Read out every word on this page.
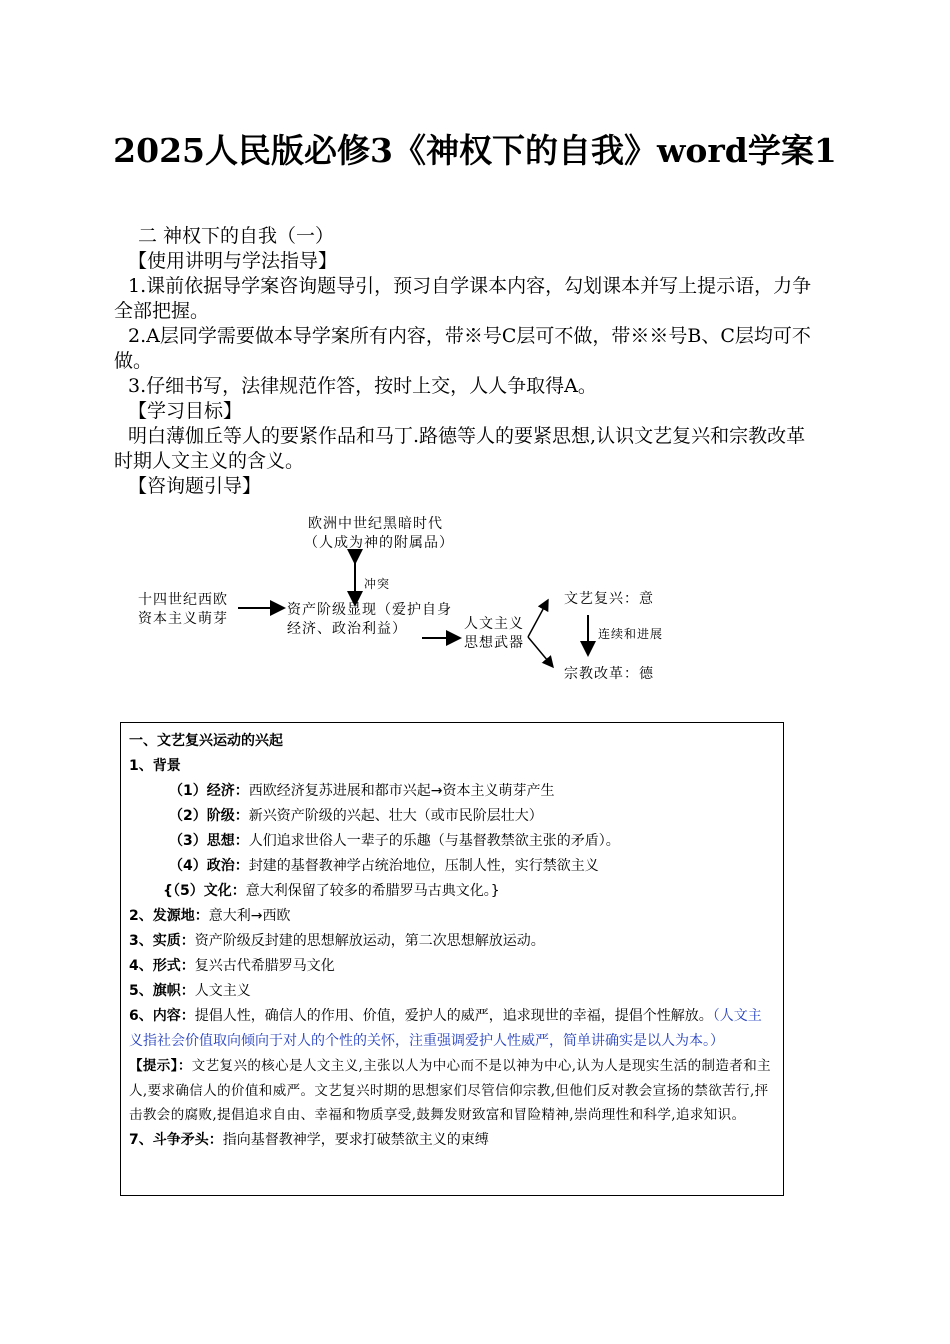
2025人民版必修3《神权下的自我》word学案1

二 神权下的自我（一）

【使用讲明与学法指导】

1.课前依据导学案咨询题导引，预习自学课本内容，勾划课本并写上提示语，力争全部把握。

2.A层同学需要做本导学案所有内容，带※号C层可不做，带※※号B、C层均可不做。

3.仔细书写，法律规范作答，按时上交，人人争取得A。

【学习目标】

明白薄伽丘等人的要紧作品和马丁.路德等人的要紧思想,认识文艺复兴和宗教改革时期人文主义的含义。

【咨询题引导】

欧洲中世纪黑暗时代
（人成为神的附属品）
冲突
十四世纪西欧
资本主义萌芽
资产阶级显现（爱护自身经济、政治利益）	人文主义思想武器
文艺复兴：意
连续和进展
宗教改革：德

一、文艺复兴运动的兴起

1、背景

（1）经济：西欧经济复苏进展和都市兴起→资本主义萌芽产生

（2）阶级：新兴资产阶级的兴起、壮大（或市民阶层壮大）

（3）思想：人们追求世俗人一辈子的乐趣（与基督教禁欲主张的矛盾）。

（4）政治：封建的基督教神学占统治地位，压制人性，实行禁欲主义

{（5）文化：意大利保留了较多的希腊罗马古典文化。}

2、发源地：意大利→西欧

3、实质：资产阶级反封建的思想解放运动，第二次思想解放运动。

4、形式：复兴古代希腊罗马文化

5、旗帜：人文主义

6、内容：提倡人性，确信人的作用、价值，爱护人的威严，追求现世的幸福，提倡个性解放。（人文主义指社会价值取向倾向于对人的个性的关怀，注重强调爱护人性威严，简单讲确实是以人为本。）

【提示】：文艺复兴的核心是人文主义,主张以人为中心而不是以神为中心,认为人是现实生活的制造者和主人,要求确信人的价值和威严。文艺复兴时期的思想家们尽管信仰宗教,但他们反对教会宣扬的禁欲苦行,抨击教会的腐败,提倡追求自由、幸福和物质享受,鼓舞发财致富和冒险精神,崇尚理性和科学,追求知识。

7、斗争矛头：指向基督教神学，要求打破禁欲主义的束缚
